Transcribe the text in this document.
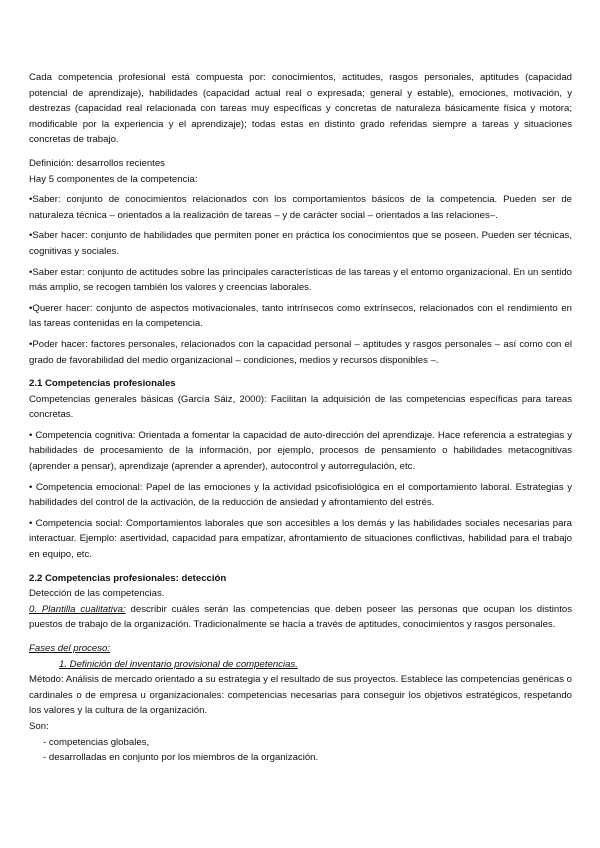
Cada competencia profesional está compuesta por: conocimientos, actitudes, rasgos personales, aptitudes (capacidad potencial de aprendizaje), habilidades (capacidad actual real o expresada; general y estable), emociones, motivación, y destrezas (capacidad real relacionada con tareas muy específicas y concretas de naturaleza básicamente física y motora; modificable por la experiencia y el aprendizaje); todas estas en distinto grado referidas siempre a tareas y situaciones concretas de trabajo.

Definición: desarrollos recientes

Hay 5 componentes de la competencia:

•Saber: conjunto de conocimientos relacionados con los comportamientos básicos de la competencia. Pueden ser de naturaleza técnica – orientados a la realización de tareas – y de carácter social – orientados a las relaciones–.

•Saber hacer: conjunto de habilidades que permiten poner en práctica los conocimientos que se poseen. Pueden ser técnicas, cognitivas y sociales.

•Saber estar: conjunto de actitudes sobre las principales características de las tareas y el entorno organizacional. En un sentido más amplio, se recogen también los valores y creencias laborales.

•Querer hacer: conjunto de aspectos motivacionales, tanto intrínsecos como extrínsecos, relacionados con el rendimiento en las tareas contenidas en la competencia.

•Poder hacer: factores personales, relacionados con la capacidad personal – aptitudes y rasgos personales – así como con el grado de favorabilidad del medio organizacional – condiciones, medios y recursos disponibles –.

2.1 Competencias profesionales

Competencias generales básicas (García Sáiz, 2000): Facilitan la adquisición de las competencias específicas para tareas concretas.

• Competencia cognitiva: Orientada a fomentar la capacidad de auto-dirección del aprendizaje. Hace referencia a estrategias y habilidades de procesamiento de la información, por ejemplo, procesos de pensamiento o habilidades metacognitivas (aprender a pensar), aprendizaje (aprender a aprender), autocontrol y autorregulación, etc.

• Competencia emocional: Papel de las emociones y la actividad psicofisiológica en el comportamiento laboral. Estrategias y habilidades del control de la activación, de la reducción de ansiedad y afrontamiento del estrés.

• Competencia social: Comportamientos laborales que son accesibles a los demás y las habilidades sociales necesarias para interactuar. Ejemplo: asertividad, capacidad para empatizar, afrontamiento de situaciones conflictivas, habilidad para el trabajo en equipo, etc.

2.2 Competencias profesionales: detección

Detección de las competencias.

0. Plantilla cualitativa: describir cuáles serán las competencias que deben poseer las personas que ocupan los distintos puestos de trabajo de la organización. Tradicionalmente se hacía a través de aptitudes, conocimientos y rasgos personales.

Fases del proceso:

1. Definición del inventario provisional de competencias.

Método: Análisis de mercado orientado a su estrategia y el resultado de sus proyectos. Establece las competencias genéricas o cardinales o de empresa u organizacionales: competencias necesarias para conseguir los objetivos estratégicos, respetando los valores y la cultura de la organización.

Son:

- competencias globales,

- desarrolladas en conjunto por los miembros de la organización.
